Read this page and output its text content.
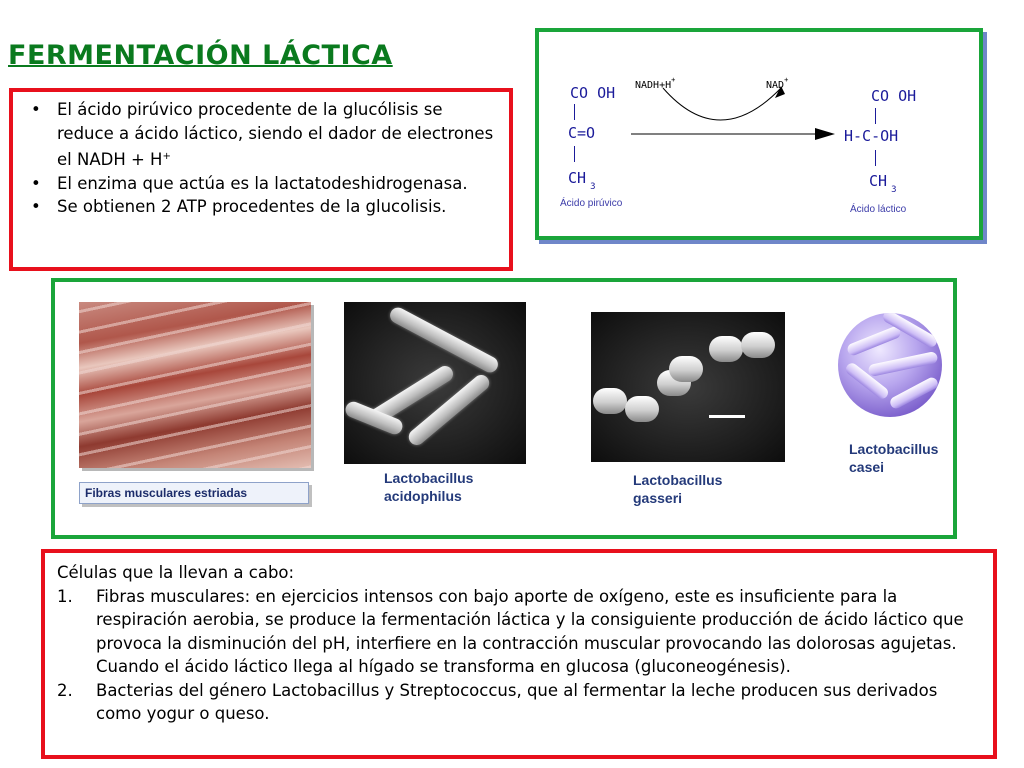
FERMENTACIÓN LÁCTICA
• El ácido pirúvico procedente de la glucólisis se reduce a ácido láctico, siendo el dador de electrones el NADH + H+
• El enzima que actúa es la lactatodeshidrogenasa.
• Se obtienen 2 ATP procedentes de la glucolisis.
CO OH
C=O
CH $_3$
Ácido pirúvico
NADH+H+	NAD+
CO OH
H-C-OH
CH $_3$
Ácido láctico
Fibras musculares estriadas
Lactobacillus
acidophilus
Lactobacillus
gasseri
Lactobacillus
casei
Células que la llevan a cabo:
1. Fibras musculares: en ejercicios intensos con bajo aporte de oxígeno, este es insuficiente para la respiración aerobia, se produce la fermentación láctica y la consiguiente producción de ácido láctico que provoca la disminución del pH, interfiere en la contracción muscular provocando las dolorosas agujetas. Cuando el ácido láctico llega al hígado se transforma en glucosa (gluconeogénesis).
2. Bacterias del género Lactobacillus y Streptococcus, que al fermentar la leche producen sus derivados como yogur o queso.
